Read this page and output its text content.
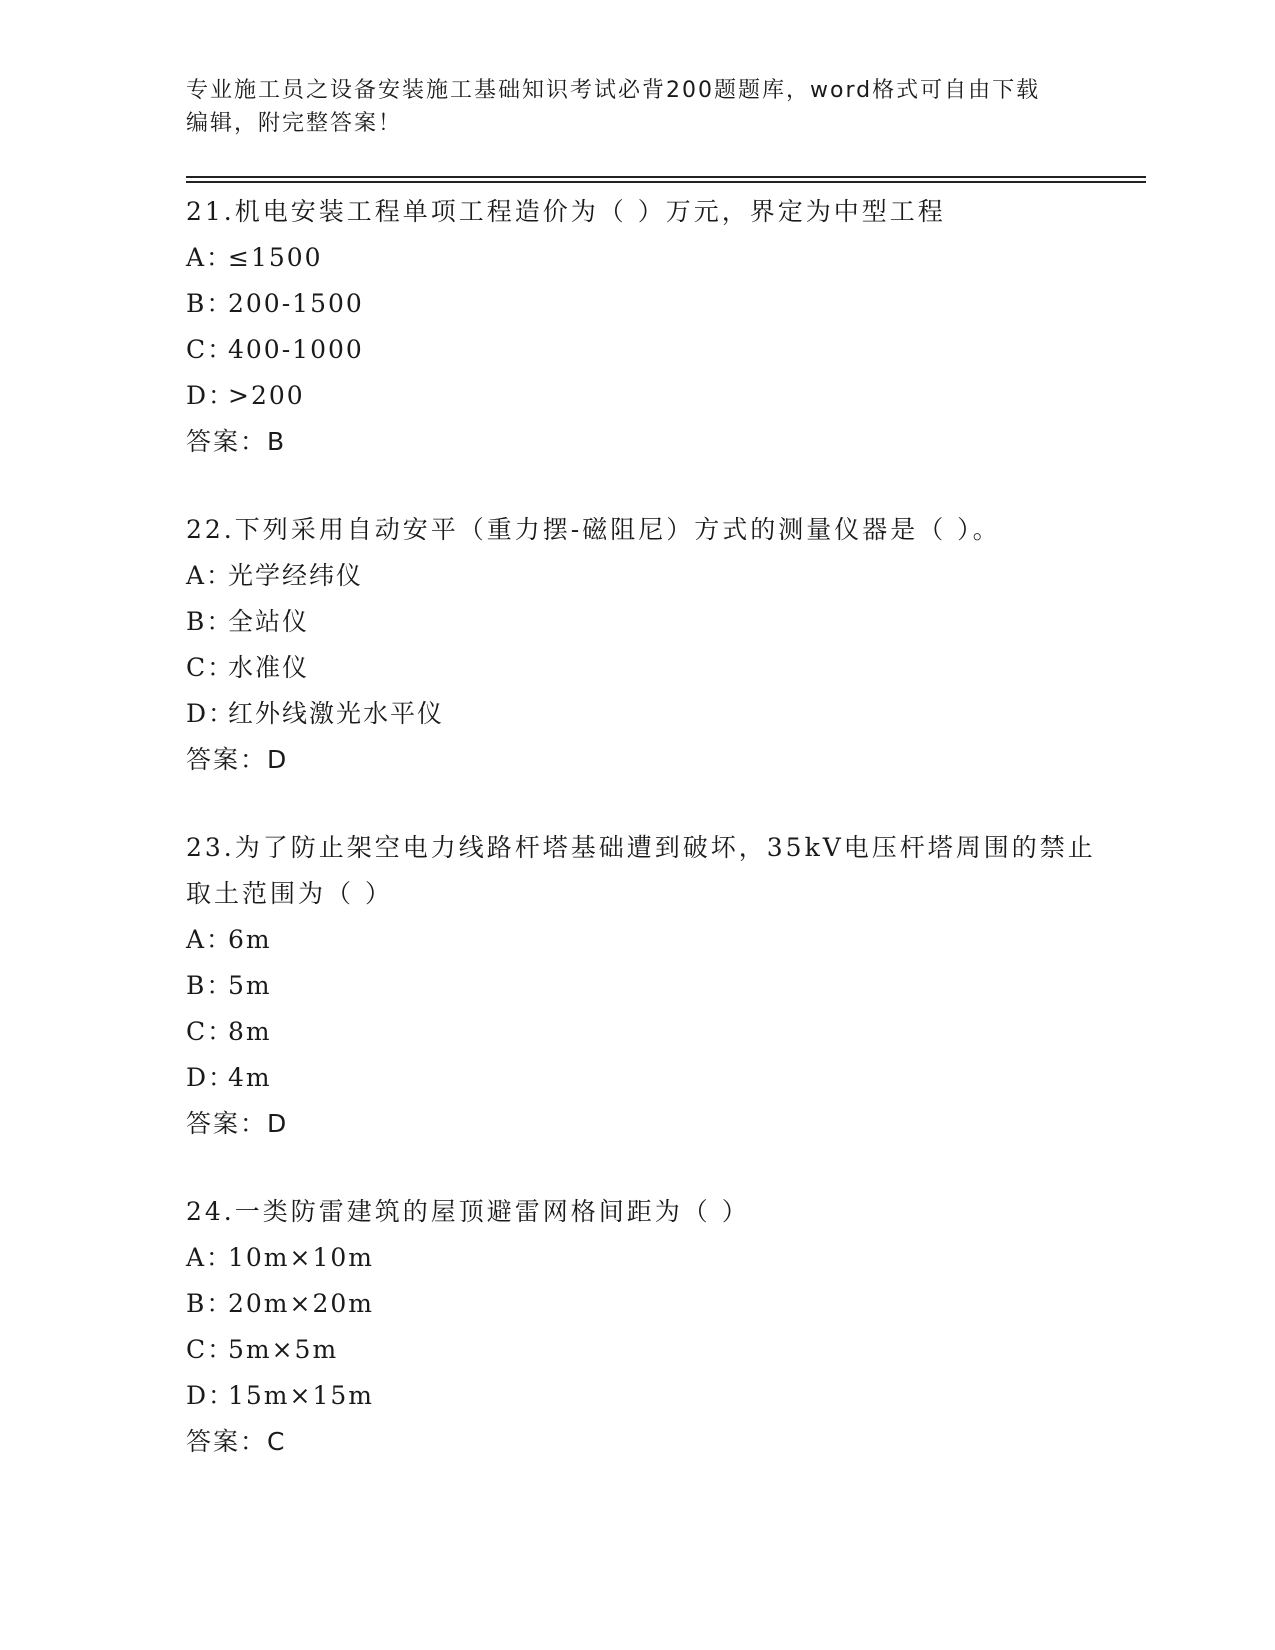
专业施工员之设备安装施工基础知识考试必背200题题库，word格式可自由下载
编辑，附完整答案！
21.机电安装工程单项工程造价为（ ）万元，界定为中型工程
A：≤1500
B：200-1500
C：400-1000
D：>200
答案：B
22.下列采用自动安平（重力摆-磁阻尼）方式的测量仪器是（ ）。
A：光学经纬仪
B：全站仪
C：水准仪
D：红外线激光水平仪
答案：D
23.为了防止架空电力线路杆塔基础遭到破坏，35kV电压杆塔周围的禁止取土范围为（ ）
A：6m
B：5m
C：8m
D：4m
答案：D
24.一类防雷建筑的屋顶避雷网格间距为（ ）
A：10m×10m
B：20m×20m
C：5m×5m
D：15m×15m
答案：C
